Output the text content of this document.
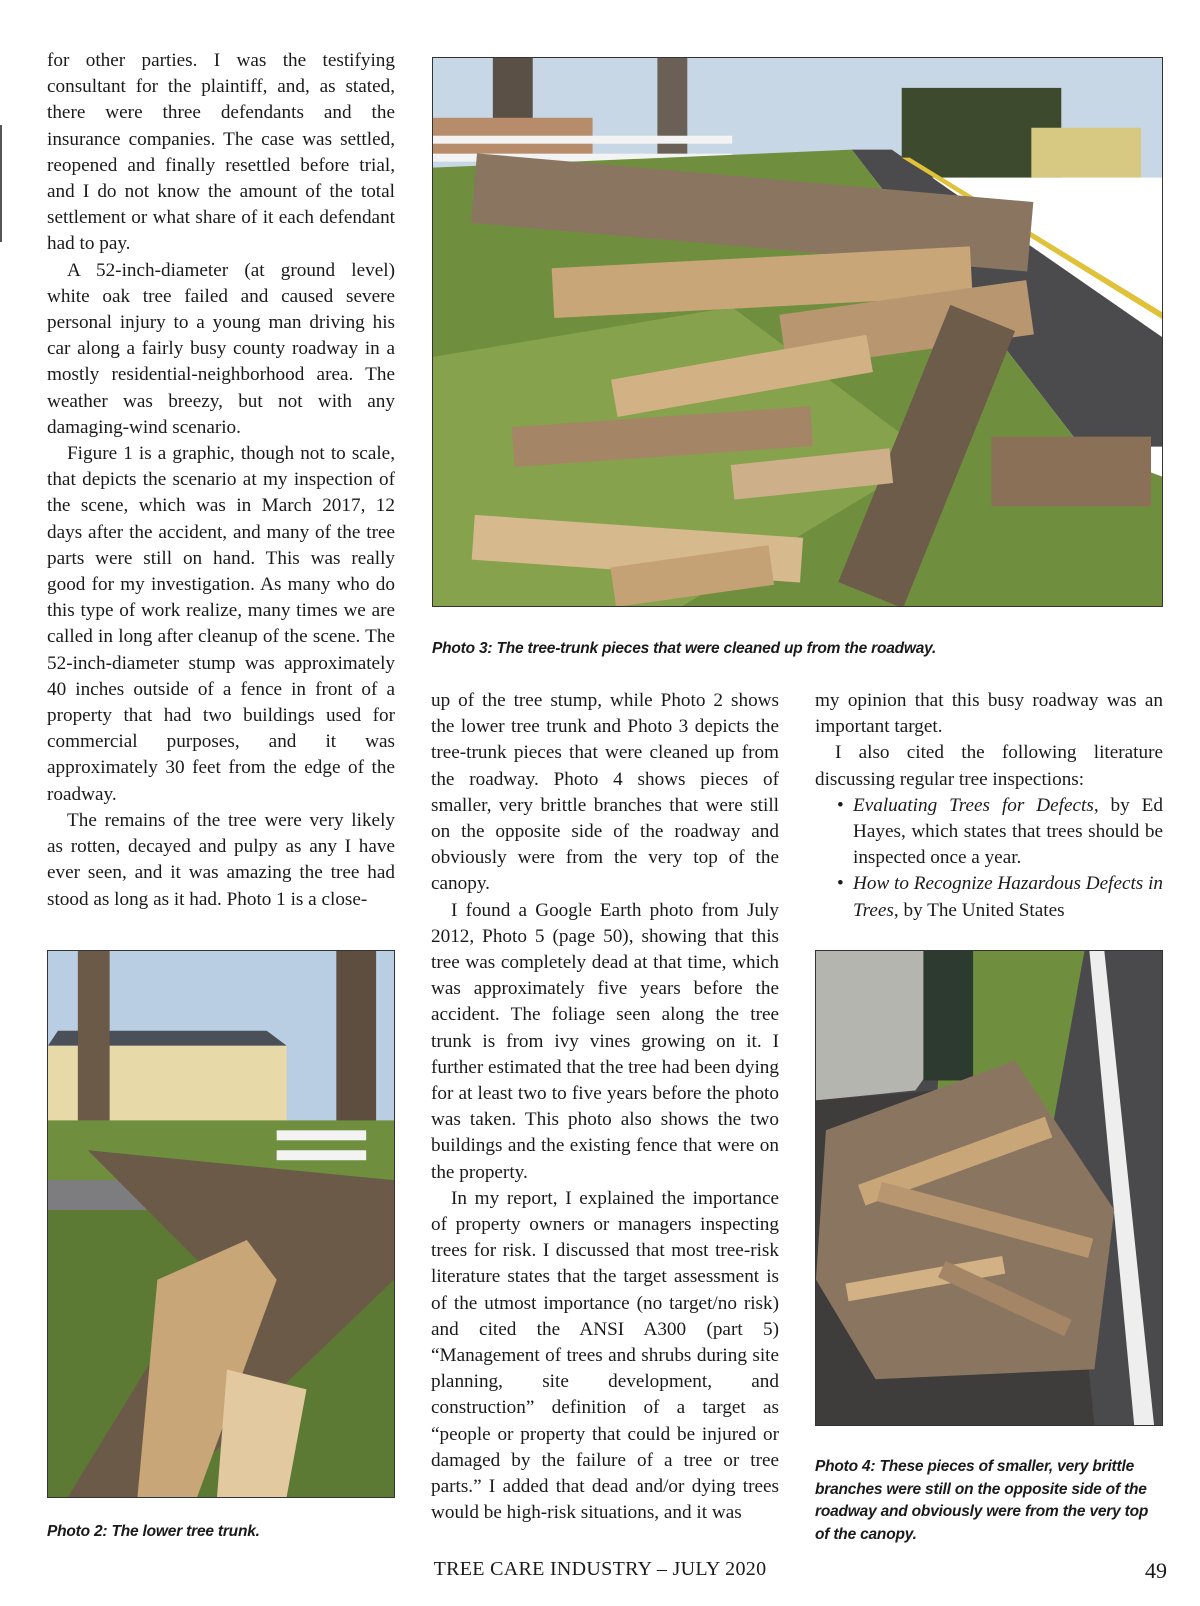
for other parties. I was the testifying consultant for the plaintiff, and, as stated, there were three defendants and the insurance companies. The case was settled, reopened and finally resettled before trial, and I do not know the amount of the total settlement or what share of it each defendant had to pay.

A 52-inch-diameter (at ground level) white oak tree failed and caused severe personal injury to a young man driving his car along a fairly busy county roadway in a mostly residential-neighborhood area. The weather was breezy, but not with any damaging-wind scenario.

Figure 1 is a graphic, though not to scale, that depicts the scenario at my inspection of the scene, which was in March 2017, 12 days after the accident, and many of the tree parts were still on hand. This was really good for my investigation. As many who do this type of work realize, many times we are called in long after cleanup of the scene. The 52-inch-diameter stump was approximately 40 inches outside of a fence in front of a property that had two buildings used for commercial purposes, and it was approximately 30 feet from the edge of the roadway.

The remains of the tree were very likely as rotten, decayed and pulpy as any I have ever seen, and it was amazing the tree had stood as long as it had. Photo 1 is a close-

Photo 3: The tree-trunk pieces that were cleaned up from the roadway.

up of the tree stump, while Photo 2 shows the lower tree trunk and Photo 3 depicts the tree-trunk pieces that were cleaned up from the roadway. Photo 4 shows pieces of smaller, very brittle branches that were still on the opposite side of the roadway and obviously were from the very top of the canopy.

I found a Google Earth photo from July 2012, Photo 5 (page 50), showing that this tree was completely dead at that time, which was approximately five years before the accident. The foliage seen along the tree trunk is from ivy vines growing on it. I further estimated that the tree had been dying for at least two to five years before the photo was taken. This photo also shows the two buildings and the existing fence that were on the property.

In my report, I explained the importance of property owners or managers inspecting trees for risk. I discussed that most tree-risk literature states that the target assessment is of the utmost importance (no target/no risk) and cited the ANSI A300 (part 5) “Management of trees and shrubs during site planning, site development, and construction” definition of a target as “people or property that could be injured or damaged by the failure of a tree or tree parts.” I added that dead and/or dying trees would be high-risk situations, and it was

my opinion that this busy roadway was an important target.

I also cited the following literature discussing regular tree inspections:

• Evaluating Trees for Defects, by Ed Hayes, which states that trees should be inspected once a year.
• How to Recognize Hazardous Defects in Trees, by The United States
Photo 2: The lower tree trunk.
Photo 4: These pieces of smaller, very brittle branches were still on the opposite side of the roadway and obviously were from the very top of the canopy.
TREE CARE INDUSTRY – JULY 2020	49
